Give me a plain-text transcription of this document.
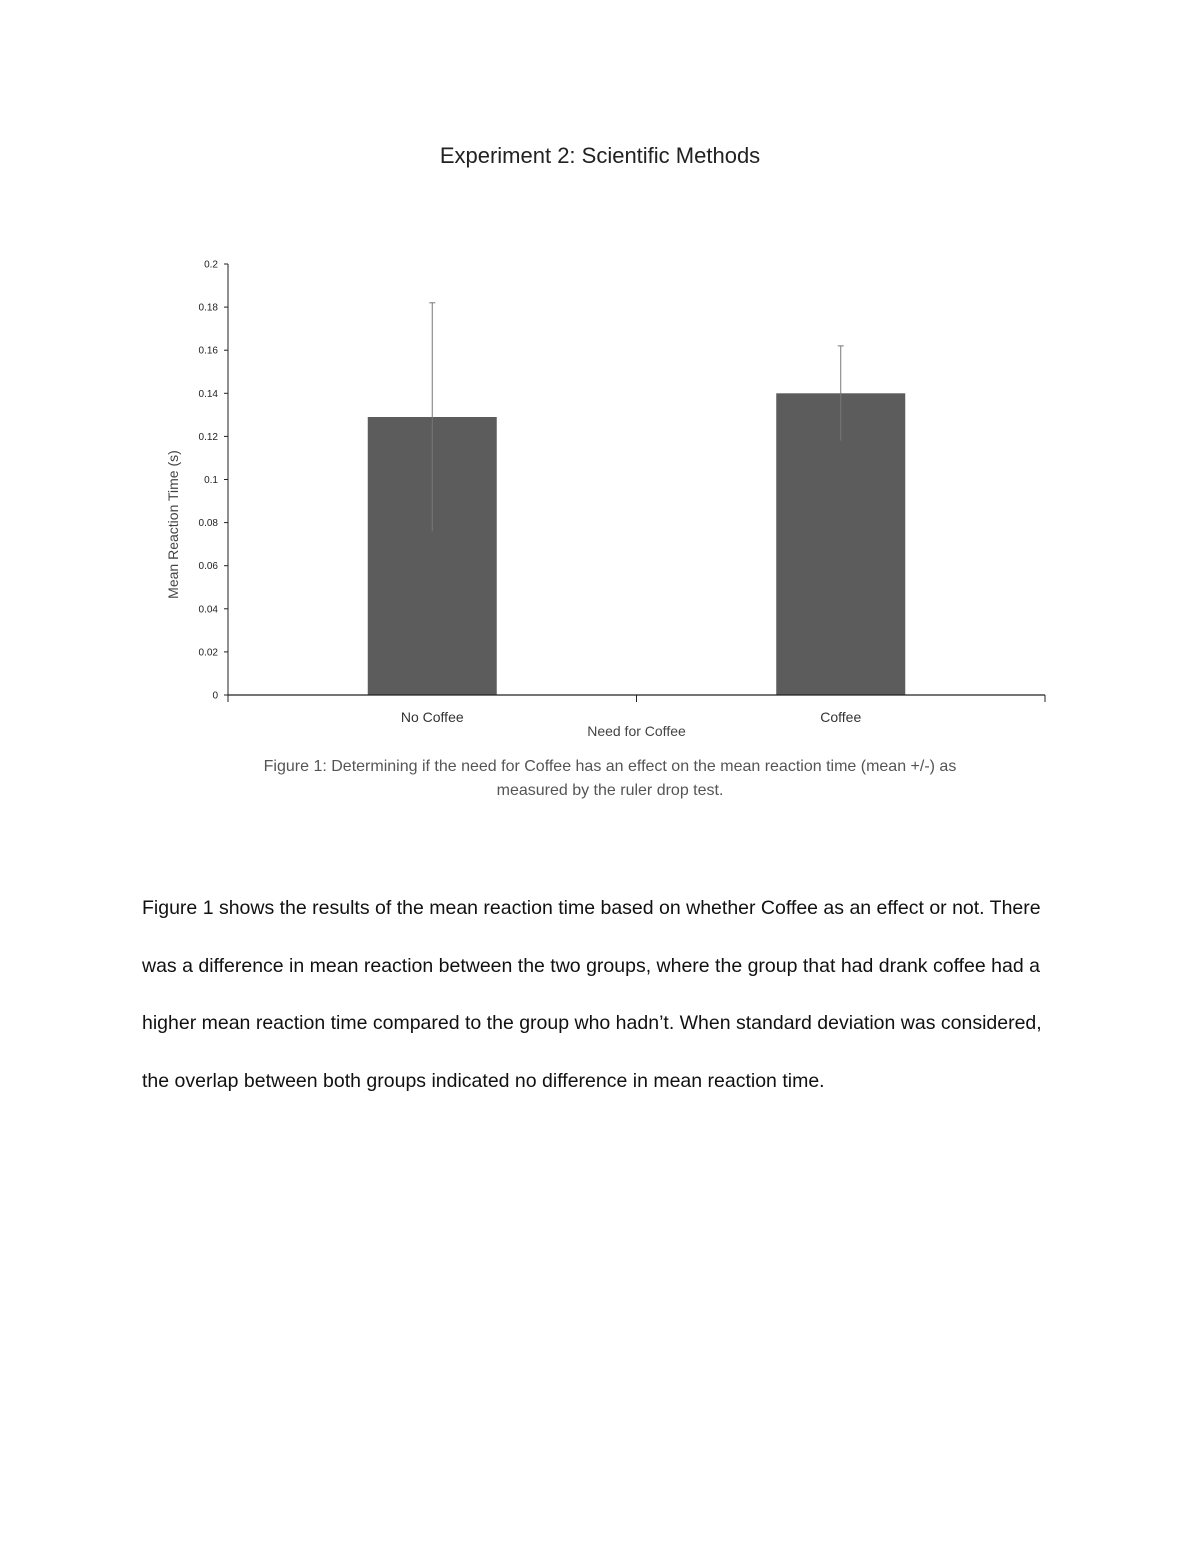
Experiment 2: Scientific Methods
0
0.02
0.04
0.06
0.08
0.1
0.12
0.14
0.16
0.18
0.2
No Coffee	Coffee
Need for Coffee
Mean Reaction Time (s)
Figure 1: Determining if the need for Coffee has an effect on the mean reaction time (mean +/-) as measured by the ruler drop test.
Figure 1 shows the results of the mean reaction time based on whether Coffee as an effect or not. There was a difference in mean reaction between the two groups, where the group that had drank coffee had a higher mean reaction time compared to the group who hadn’t. When standard deviation was considered, the overlap between both groups indicated no difference in mean reaction time.
